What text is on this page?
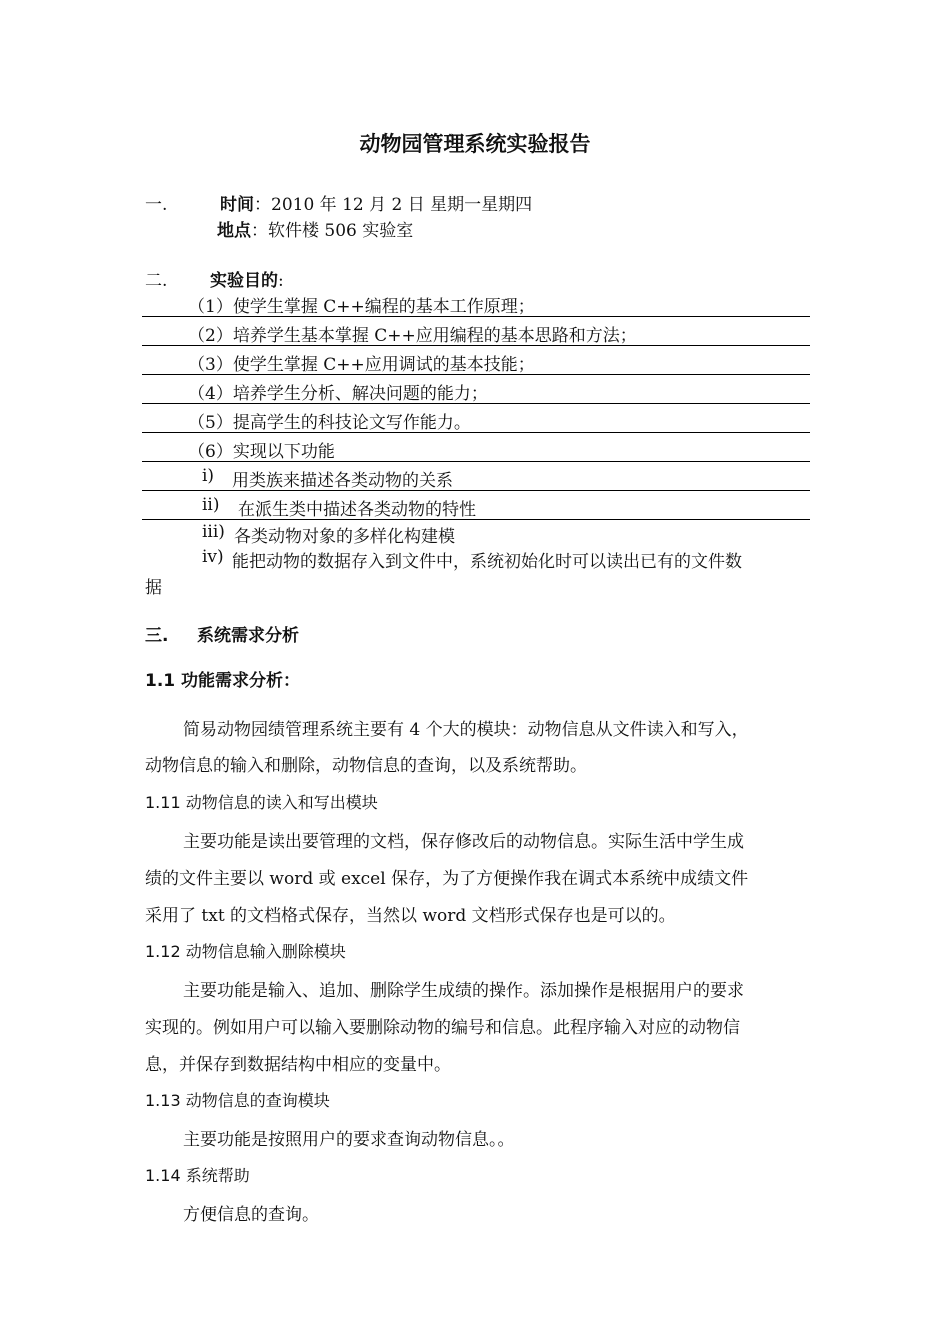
动物园管理系统实验报告
一.	时间：2010 年 12 月 2 日 星期一星期四
地点：软件楼 506 实验室
二.	实验目的:
（1）使学生掌握 C++编程的基本工作原理；
（2）培养学生基本掌握 C++应用编程的基本思路和方法；
（3）使学生掌握 C++应用调试的基本技能；
（4）培养学生分析、解决问题的能力；
（5）提高学生的科技论文写作能力。
（6）实现以下功能
i) 用类族来描述各类动物的关系
ii) 在派生类中描述各类动物的特性
iii) 各类动物对象的多样化构建模
iv) 能把动物的数据存入到文件中，系统初始化时可以读出已有的文件数
据
三. 系统需求分析
1.1 功能需求分析：
简易动物园绩管理系统主要有 4 个大的模块：动物信息从文件读入和写入，
动物信息的输入和删除，动物信息的查询，以及系统帮助。
1.11 动物信息的读入和写出模块
主要功能是读出要管理的文档，保存修改后的动物信息。实际生活中学生成
绩的文件主要以 word 或 excel 保存，为了方便操作我在调式本系统中成绩文件
采用了 txt 的文档格式保存，当然以 word 文档形式保存也是可以的。
1.12 动物信息输入删除模块
主要功能是输入、追加、删除学生成绩的操作。添加操作是根据用户的要求
实现的。例如用户可以输入要删除动物的编号和信息。此程序输入对应的动物信
息，并保存到数据结构中相应的变量中。
1.13 动物信息的查询模块
主要功能是按照用户的要求查询动物信息。。
1.14 系统帮助
方便信息的查询。
